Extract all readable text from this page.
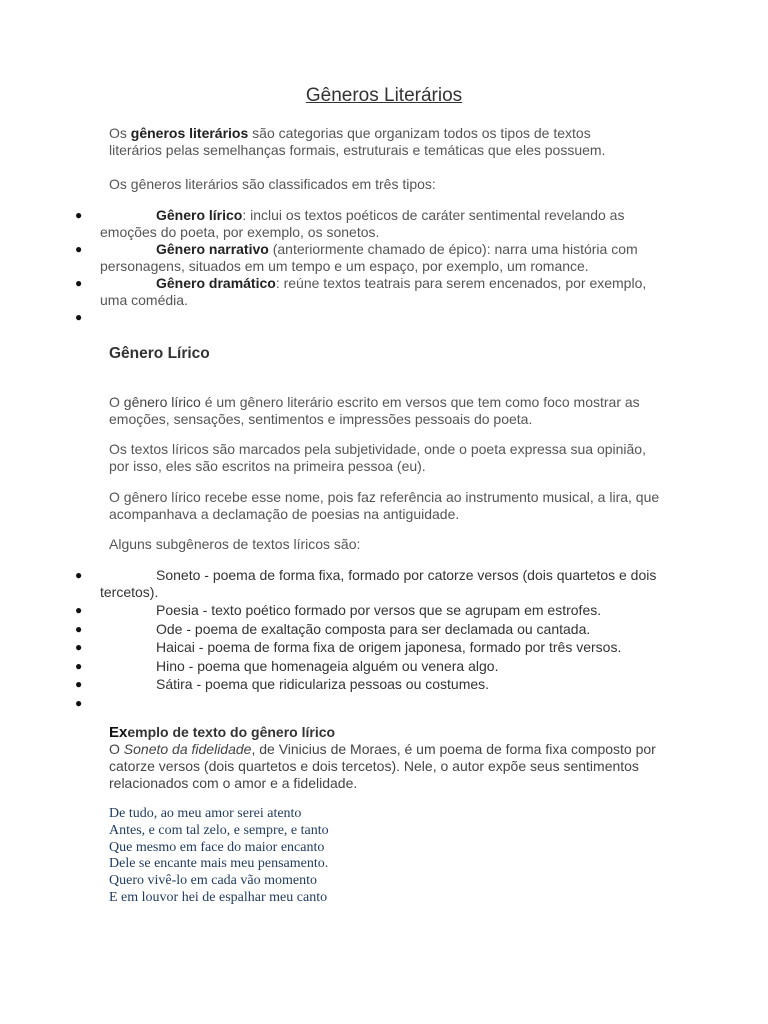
Gêneros Literários

Os gêneros literários são categorias que organizam todos os tipos de textos literários pelas semelhanças formais, estruturais e temáticas que eles possuem.

Os gêneros literários são classificados em três tipos:

●	Gênero lírico: inclui os textos poéticos de caráter sentimental revelando as emoções do poeta, por exemplo, os sonetos.
●	Gênero narrativo (anteriormente chamado de épico): narra uma história com personagens, situados em um tempo e um espaço, por exemplo, um romance.
●	Gênero dramático: reúne textos teatrais para serem encenados, por exemplo, uma comédia.
●

Gênero Lírico

O gênero lírico é um gênero literário escrito em versos que tem como foco mostrar as emoções, sensações, sentimentos e impressões pessoais do poeta.

Os textos líricos são marcados pela subjetividade, onde o poeta expressa sua opinião, por isso, eles são escritos na primeira pessoa (eu).

O gênero lírico recebe esse nome, pois faz referência ao instrumento musical, a lira, que acompanhava a declamação de poesias na antiguidade.

Alguns subgêneros de textos líricos são:

●	Soneto - poema de forma fixa, formado por catorze versos (dois quartetos e dois tercetos).
●	Poesia - texto poético formado por versos que se agrupam em estrofes.
●	Ode - poema de exaltação composta para ser declamada ou cantada.
●	Haicai - poema de forma fixa de origem japonesa, formado por três versos.
●	Hino - poema que homenageia alguém ou venera algo.
●	Sátira - poema que ridiculariza pessoas ou costumes.
●

Exemplo de texto do gênero lírico
O Soneto da fidelidade, de Vinicius de Moraes, é um poema de forma fixa composto por catorze versos (dois quartetos e dois tercetos). Nele, o autor expõe seus sentimentos relacionados com o amor e a fidelidade.
De tudo, ao meu amor serei atento
Antes, e com tal zelo, e sempre, e tanto
Que mesmo em face do maior encanto
Dele se encante mais meu pensamento.
Quero vivê-lo em cada vão momento
E em louvor hei de espalhar meu canto
